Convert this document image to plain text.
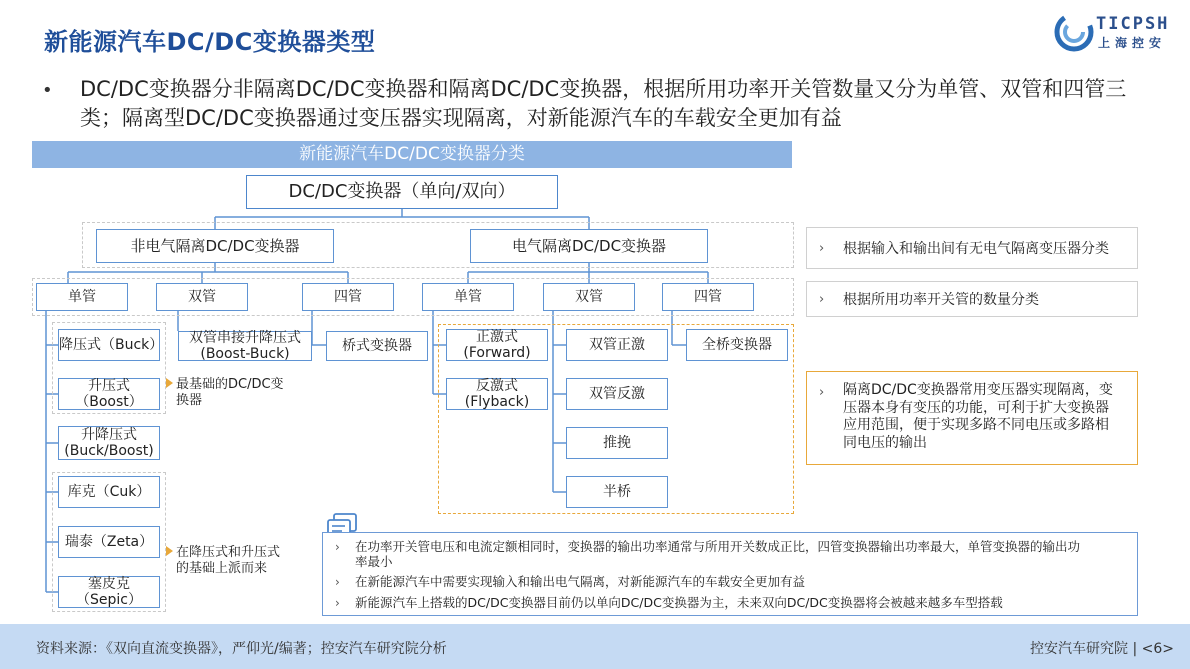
新能源汽车DC/DC变换器类型
TICPSH
上海控安
• DC/DC变换器分非隔离DC/DC变换器和隔离DC/DC变换器，根据所用功率开关管数量又分为单管、双管和四管三类；隔离型DC/DC变换器通过变压器实现隔离，对新能源汽车的车载安全更加有益
新能源汽车DC/DC变换器分类
DC/DC变换器（单向/双向）
非电气隔离DC/DC变换器	电气隔离DC/DC变换器
单管	双管	四管	单管	双管	四管
降压式（Buck）
升压式（Boost）
升降压式
(Buck/Boost)
库克（Cuk）
瑞泰（Zeta）
塞皮克（Sepic）
双管串接升降压式
(Boost-Buck)	桥式变换器
正激式
(Forward)
反激式
(Flyback)
双管正激
双管反激
推挽
半桥
全桥变换器
最基础的DC/DC变
换器
在降压式和升压式
的基础上派而来
› 根据输入和输出间有无电气隔离变压器分类
› 根据所用功率开关管的数量分类
› 隔离DC/DC变换器常用变压器实现隔离，变
压器本身有变压的功能，可利于扩大变换器
应用范围，便于实现多路不同电压或多路相
同电压的输出
› 在功率开关管电压和电流定额相同时，变换器的输出功率通常与所用开关数成正比，四管变换器输出功率最大，单管变换器的输出功
率最小
› 在新能源汽车中需要实现输入和输出电气隔离，对新能源汽车的车载安全更加有益
› 新能源汽车上搭载的DC/DC变换器目前仍以单向DC/DC变换器为主，未来双向DC/DC变换器将会被越来越多车型搭载
资料来源：《双向直流变换器》，严仰光/编著；控安汽车研究院分析	控安汽车研究院 | <6>
